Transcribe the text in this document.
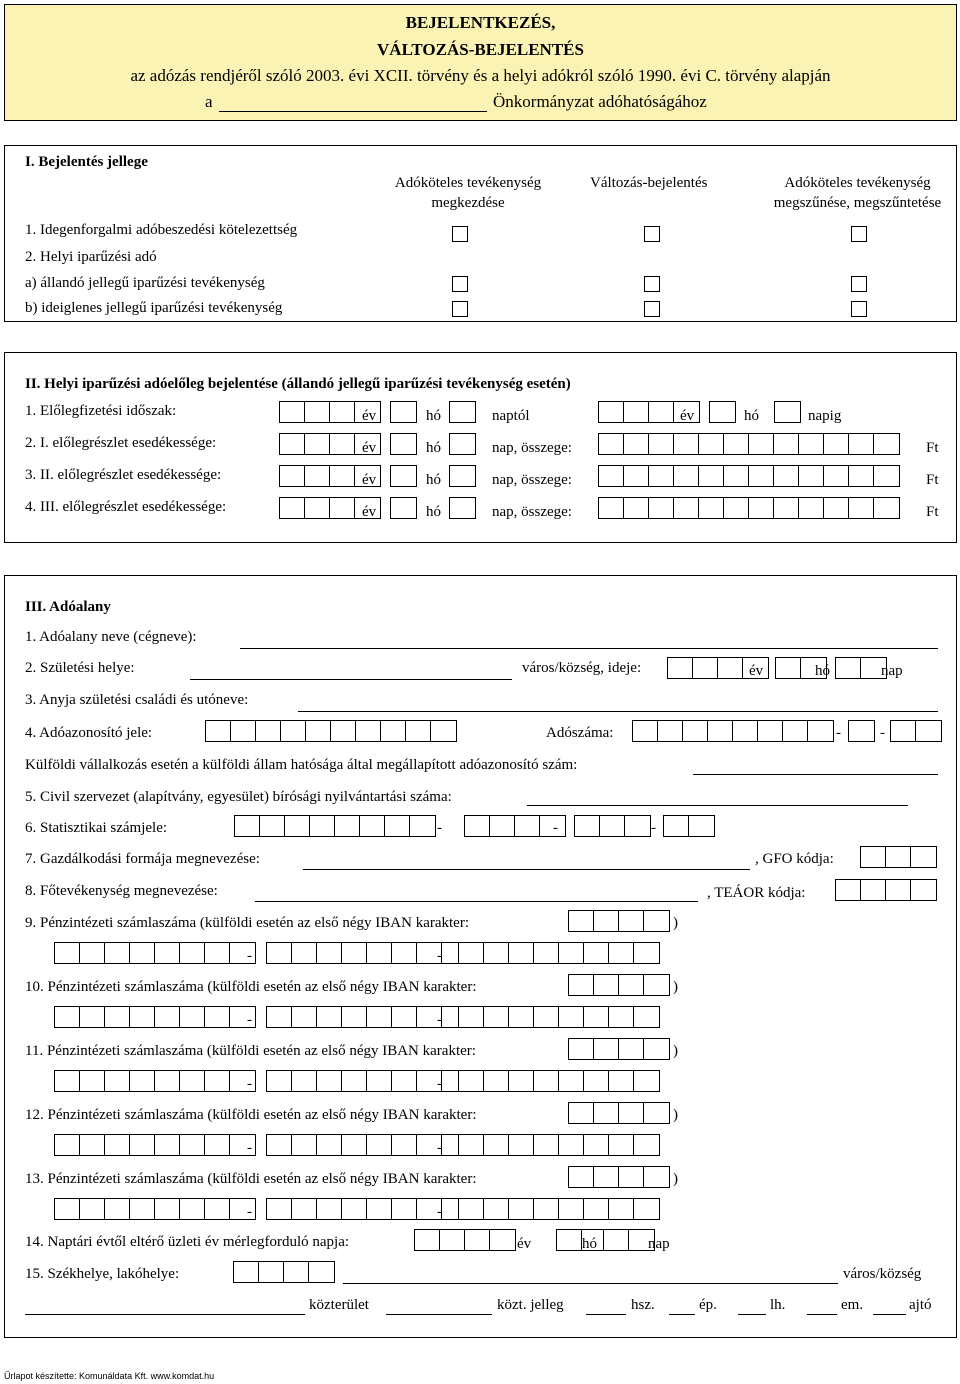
BEJELENTKEZÉS,
VÁLTOZÁS-BEJELENTÉS
az adózás rendjéről szóló 2003. évi XCII. törvény és a helyi adókról szóló 1990. évi C. törvény alapján
a	Önkormányzat adóhatóságához
I. Bejelentés jellege
Adóköteles tevékenység
megkezdése
Változás-bejelentés	Adóköteles tevékenység
megszűnése, megszűntetése
1. Idegenforgalmi adóbeszedési kötelezettség
2. Helyi iparűzési adó
a) állandó jellegű iparűzési tevékenység
b) ideiglenes jellegű iparűzési tevékenység
II. Helyi iparűzési adóelőleg bejelentése (állandó jellegű iparűzési tevékenység esetén)
1. Előlegfizetési időszak:	év	hó	naptól	év	hó	napig
2. I. előlegrészlet esedékessége:	év	hó	nap, összege:	Ft
3. II. előlegrészlet esedékessége:	év	hó	nap, összege:	Ft
4. III. előlegrészlet esedékessége:	év	hó	nap, összege:	Ft
III. Adóalany
1. Adóalany neve (cégneve):
2. Születési helye:	város/község, ideje:	év	hó	nap
3. Anyja születési családi és utóneve:
4. Adóazonosító jele:	Adószáma:	-	-
Külföldi vállalkozás esetén a külföldi állam hatósága által megállapított adóazonosító szám:
5. Civil szervezet (alapítvány, egyesület) bírósági nyilvántartási száma:
6. Statisztikai számjele:	-	-	-
7. Gazdálkodási formája megnevezése:	, GFO kódja:
8. Főtevékenység megnevezése:	, TEÁOR kódja:
9. Pénzintézeti számlaszáma (külföldi esetén az első négy IBAN karakter:	)
-	-
10. Pénzintézeti számlaszáma (külföldi esetén az első négy IBAN karakter:	)
-	-
11. Pénzintézeti számlaszáma (külföldi esetén az első négy IBAN karakter:	)
-	-
12. Pénzintézeti számlaszáma (külföldi esetén az első négy IBAN karakter:	)
-	-
13. Pénzintézeti számlaszáma (külföldi esetén az első négy IBAN karakter:	)
-	-
14. Naptári évtől eltérő üzleti év mérlegforduló napja:	év	hó	nap
15. Székhelye, lakóhelye:	város/község
közterület	közt. jelleg	hsz.	ép.	lh.	em.	ajtó
Űrlapot készítette: Komunáldata Kft. www.komdat.hu
